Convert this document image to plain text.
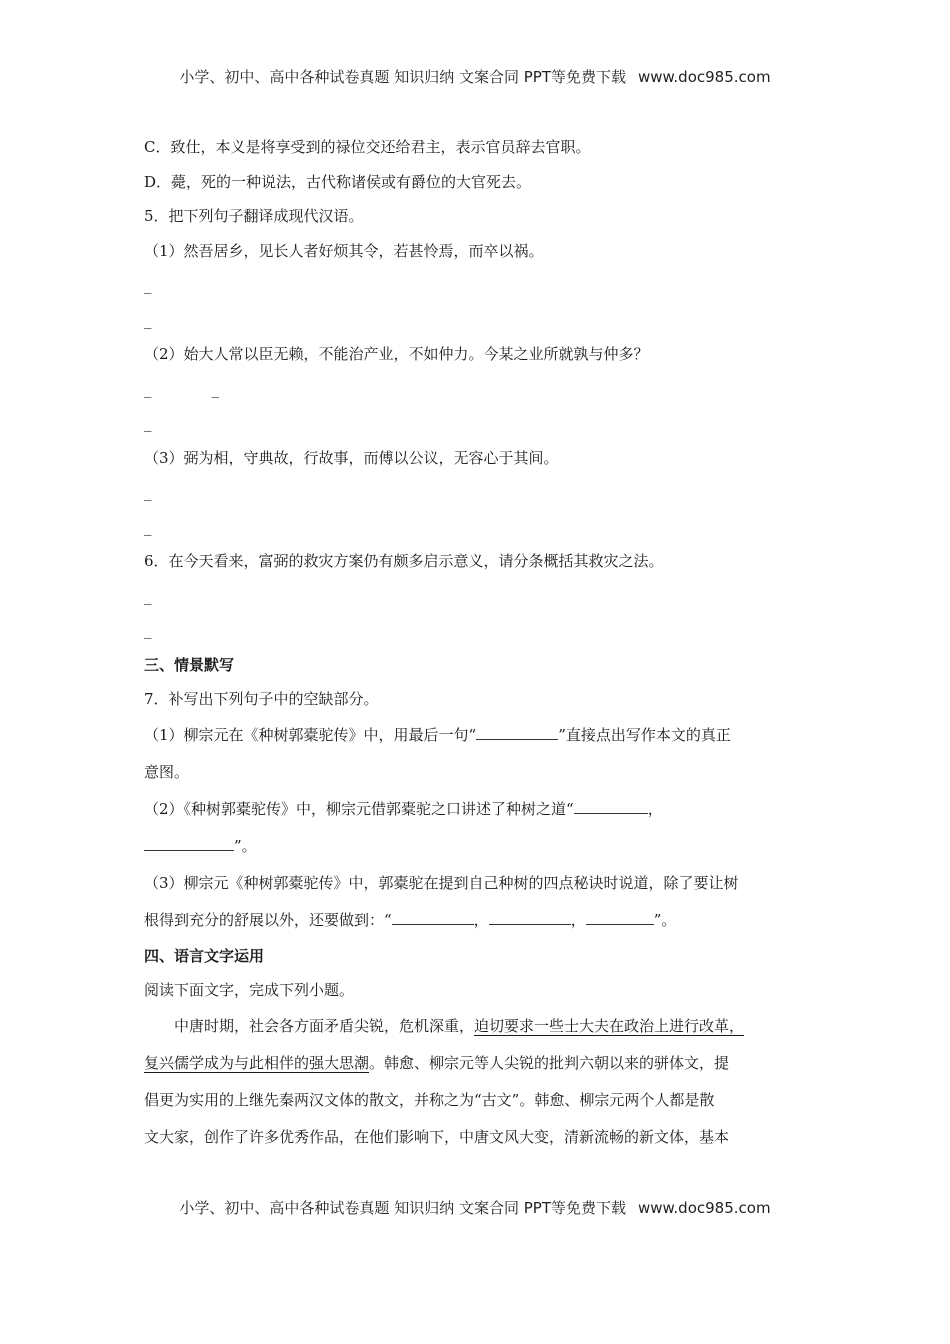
小学、初中、高中各种试卷真题 知识归纳 文案合同 PPT等免费下载 www.doc985.com
C．致仕，本义是将享受到的禄位交还给君主，表示官员辞去官职。
D．薨，死的一种说法，古代称诸侯或有爵位的大官死去。
5．把下列句子翻译成现代汉语。
（1）然吾居乡，见长人者好烦其令，若甚怜焉，而卒以祸。
_
_
（2）始大人常以臣无赖，不能治产业，不如仲力。今某之业所就孰与仲多？
_	_
_
（3）弼为相，守典故，行故事，而傅以公议，无容心于其间。
_
_
6．在今天看来，富弼的救灾方案仍有颇多启示意义，请分条概括其救灾之法。
_
_
三、情景默写
7．补写出下列句子中的空缺部分。
（1）柳宗元在《种树郭橐驼传》中，用最后一句“	”直接点出写作本文的真正
意图。
（2）《种树郭橐驼传》中，柳宗元借郭橐驼之口讲述了种树之道“	，
”。
（3）柳宗元《种树郭橐驼传》中，郭橐驼在提到自己种树的四点秘诀时说道，除了要让树
根得到充分的舒展以外，还要做到：“	，	，	”。
四、语言文字运用
阅读下面文字，完成下列小题。
中唐时期，社会各方面矛盾尖锐，危机深重，迫切要求一些士大夫在政治上进行改革，
复兴儒学成为与此相伴的强大思潮。韩愈、柳宗元等人尖锐的批判六朝以来的骈体文，提
倡更为实用的上继先秦两汉文体的散文，并称之为“古文”。韩愈、柳宗元两个人都是散
文大家，创作了许多优秀作品，在他们影响下，中唐文风大变，清新流畅的新文体，基本
小学、初中、高中各种试卷真题 知识归纳 文案合同 PPT等免费下载 www.doc985.com
